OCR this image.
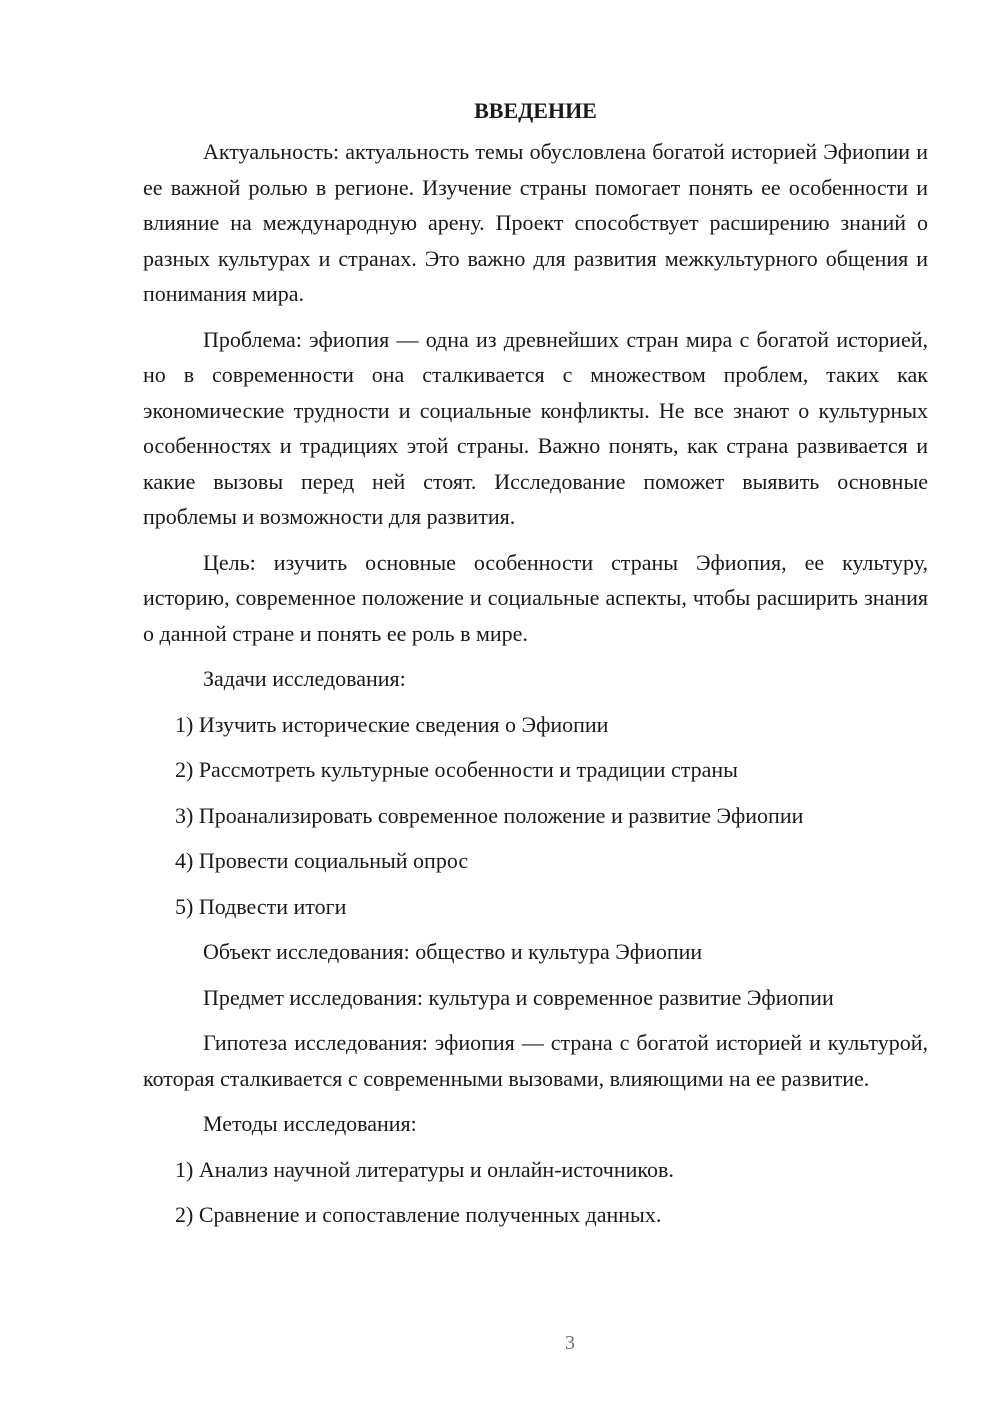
ВВЕДЕНИЕ

Актуальность: актуальность темы обусловлена богатой историей Эфиопии и ее важной ролью в регионе. Изучение страны помогает понять ее особенности и влияние на международную арену. Проект способствует расширению знаний о разных культурах и странах. Это важно для развития межкультурного общения и понимания мира.

Проблема: эфиопия — одна из древнейших стран мира с богатой историей, но в современности она сталкивается с множеством проблем, таких как экономические трудности и социальные конфликты. Не все знают о культурных особенностях и традициях этой страны. Важно понять, как страна развивается и какие вызовы перед ней стоят. Исследование поможет выявить основные проблемы и возможности для развития.

Цель: изучить основные особенности страны Эфиопия, ее культуру, историю, современное положение и социальные аспекты, чтобы расширить знания о данной стране и понять ее роль в мире.

Задачи исследования:
1) Изучить исторические сведения о Эфиопии
2) Рассмотреть культурные особенности и традиции страны
3) Проанализировать современное положение и развитие Эфиопии
4) Провести социальный опрос
5) Подвести итоги
Объект исследования: общество и культура Эфиопии
Предмет исследования: культура и современное развитие Эфиопии

Гипотеза исследования: эфиопия — страна с богатой историей и культурой, которая сталкивается с современными вызовами, влияющими на ее развитие.

Методы исследования:
1) Анализ научной литературы и онлайн-источников.
2) Сравнение и сопоставление полученных данных.
3
